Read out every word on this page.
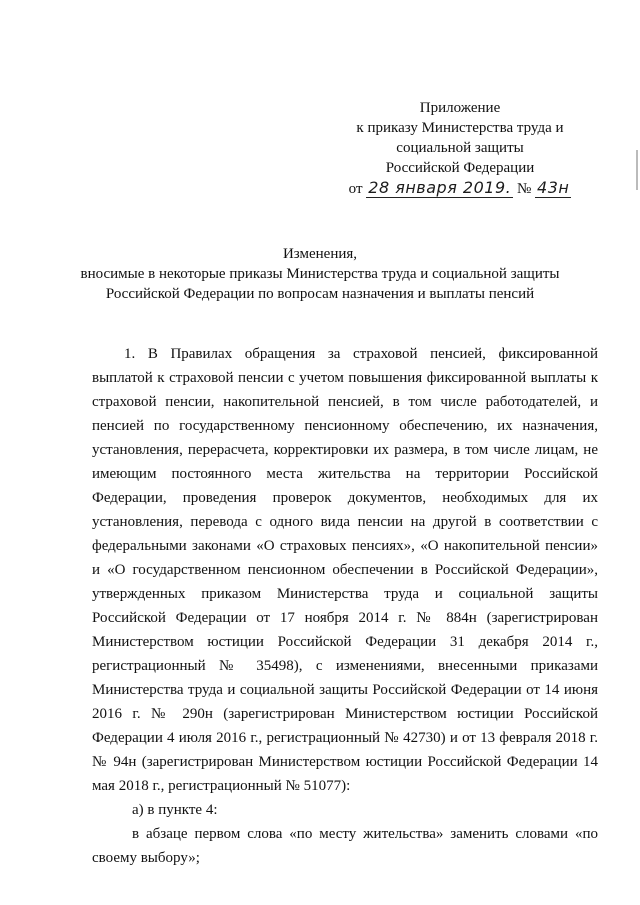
Приложение
к приказу Министерства труда и
социальной защиты
Российской Федерации
от 28 января 2019. № 43н
Изменения,
вносимые в некоторые приказы Министерства труда и социальной защиты
Российской Федерации по вопросам назначения и выплаты пенсий

1. В Правилах обращения за страховой пенсией, фиксированной выплатой к страховой пенсии с учетом повышения фиксированной выплаты к страховой пенсии, накопительной пенсией, в том числе работодателей, и пенсией по государственному пенсионному обеспечению, их назначения, установления, перерасчета, корректировки их размера, в том числе лицам, не имеющим постоянного места жительства на территории Российской Федерации, проведения проверок документов, необходимых для их установления, перевода с одного вида пенсии на другой в соответствии с федеральными законами «О страховых пенсиях», «О накопительной пенсии» и «О государственном пенсионном обеспечении в Российской Федерации», утвержденных приказом Министерства труда и социальной защиты Российской Федерации от 17 ноября 2014 г. № 884н (зарегистрирован Министерством юстиции Российской Федерации 31 декабря 2014 г., регистрационный № 35498), с изменениями, внесенными приказами Министерства труда и социальной защиты Российской Федерации от 14 июня 2016 г. № 290н (зарегистрирован Министерством юстиции Российской Федерации 4 июля 2016 г., регистрационный № 42730) и от 13 февраля 2018 г. № 94н (зарегистрирован Министерством юстиции Российской Федерации 14 мая 2018 г., регистрационный № 51077):

а) в пункте 4:

в абзаце первом слова «по месту жительства» заменить словами «по своему выбору»;
